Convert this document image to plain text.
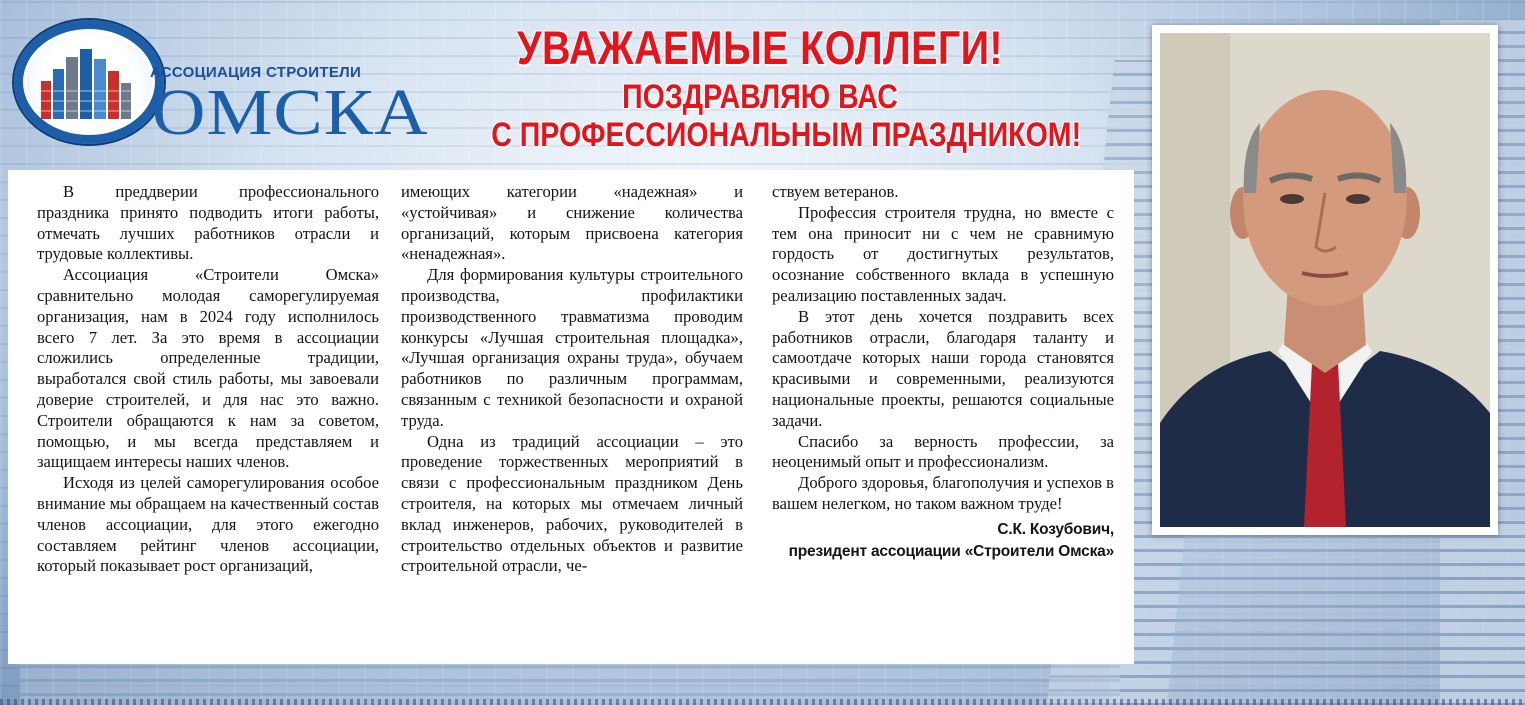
АССОЦИАЦИЯ СТРОИТЕЛИ
ОМСКА
УВАЖАЕМЫЕ КОЛЛЕГИ!
ПОЗДРАВЛЯЮ ВАС
С ПРОФЕССИОНАЛЬНЫМ ПРАЗДНИКОМ!

В преддверии профессионального праздника принято подводить итоги работы, отмечать лучших работников отрасли и трудовые коллективы.

Ассоциация «Строители Омска» сравнительно молодая саморегулируемая организация, нам в 2024 году исполнилось всего 7 лет. За это время в ассоциации сложились определенные традиции, выработался свой стиль работы, мы завоевали доверие строителей, и для нас это важно. Строители обращаются к нам за советом, помощью, и мы всегда представляем и защищаем интересы наших членов.

Исходя из целей саморегулирования особое внимание мы обращаем на качественный состав членов ассоциации, для этого ежегодно составляем рейтинг членов ассоциации, который показывает рост организаций,

имеющих категории «надежная» и «устойчивая» и снижение количества организаций, которым присвоена категория «ненадежная».

Для формирования культуры строительного производства, профилактики производственного травматизма проводим конкурсы «Лучшая строительная площадка», «Лучшая организация охраны труда», обучаем работников по различным программам, связанным с техникой безопасности и охраной труда.

Одна из традиций ассоциации – это проведение торжественных мероприятий в связи с профессиональным праздником День строителя, на которых мы отмечаем личный вклад инженеров, рабочих, руководителей в строительство отдельных объектов и развитие строительной отрасли, че-

ствуем ветеранов.

Профессия строителя трудна, но вместе с тем она приносит ни с чем не сравнимую гордость от достигнутых результатов, осознание собственного вклада в успешную реализацию поставленных задач.

В этот день хочется поздравить всех работников отрасли, благодаря таланту и самоотдаче которых наши города становятся красивыми и современными, реализуются национальные проекты, решаются социальные задачи.

Спасибо за верность профессии, за неоценимый опыт и профессионализм.

Доброго здоровья, благополучия и успехов в вашем нелегком, но таком важном труде!

С.К. Козубович,
президент ассоциации «Строители Омска»
